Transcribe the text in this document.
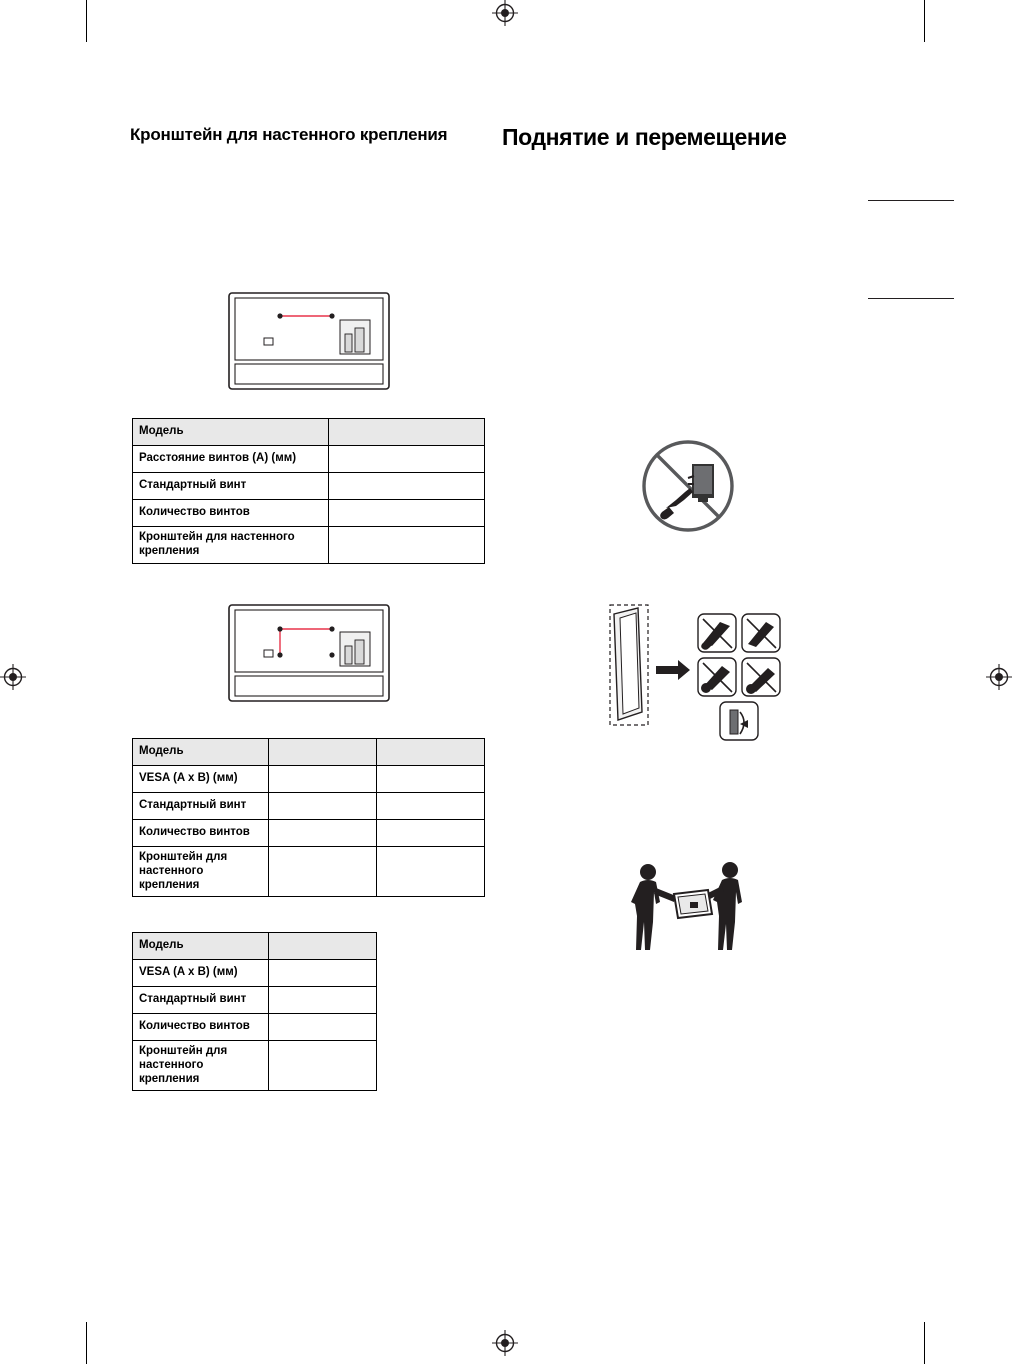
Кронштейн для настенного крепления	Поднятие и перемещение
Модель	
Расстояние винтов (A) (мм)	
Стандартный винт	
Количество винтов	
Кронштейн для настенного крепления	
Модель		
VESA (A x B) (мм)		
Стандартный винт		
Количество винтов		
Кронштейн для настенного крепления		
Модель	
VESA (A x B) (мм)	
Стандартный винт	
Количество винтов	
Кронштейн для настенного крепления	
